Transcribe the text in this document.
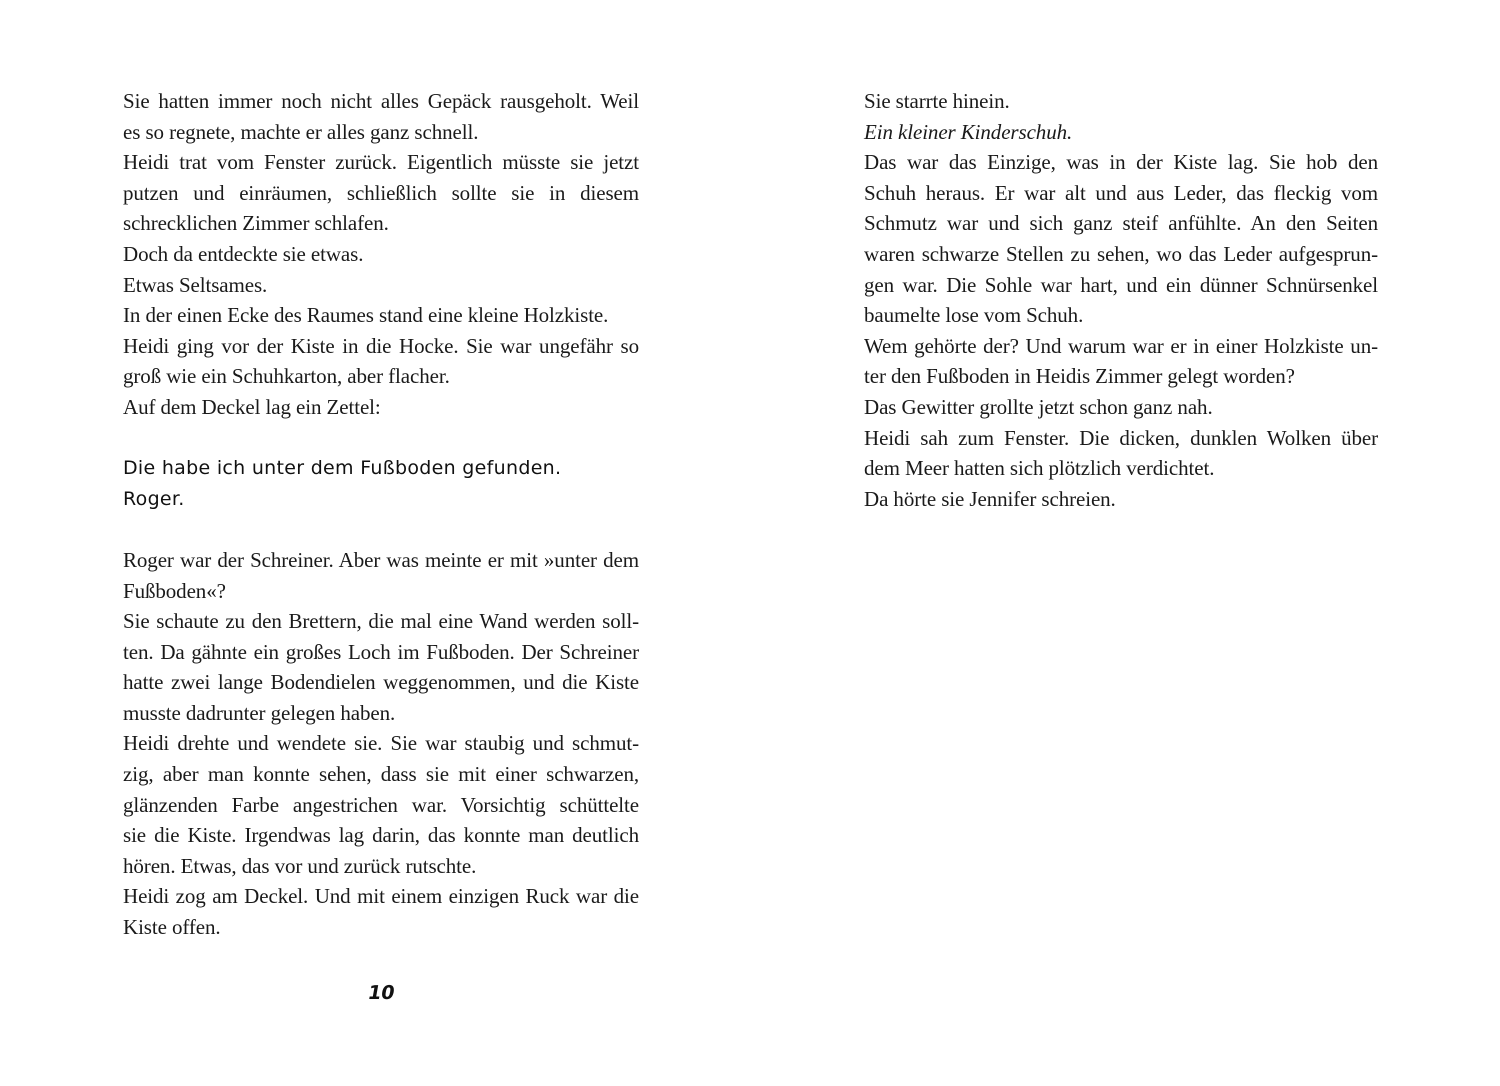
Sie hatten immer noch nicht alles Gepäck rausgeholt. Weil
es so regnete, machte er alles ganz schnell.
Heidi trat vom Fenster zurück. Eigentlich müsste sie jetzt
putzen und einräumen, schließlich sollte sie in diesem
schrecklichen Zimmer schlafen.
Doch da entdeckte sie etwas.
Etwas Seltsames.
In der einen Ecke des Raumes stand eine kleine Holzkiste.
Heidi ging vor der Kiste in die Hocke. Sie war ungefähr so
groß wie ein Schuhkarton, aber flacher.
Auf dem Deckel lag ein Zettel:

Die habe ich unter dem Fußboden gefunden.
Roger.

Roger war der Schreiner. Aber was meinte er mit »unter dem
Fußboden«?
Sie schaute zu den Brettern, die mal eine Wand werden soll-
ten. Da gähnte ein großes Loch im Fußboden. Der Schreiner
hatte zwei lange Bodendielen weggenommen, und die Kiste
musste dadrunter gelegen haben.
Heidi drehte und wendete sie. Sie war staubig und schmut-
zig, aber man konnte sehen, dass sie mit einer schwarzen,
glänzenden Farbe angestrichen war. Vorsichtig schüttelte
sie die Kiste. Irgendwas lag darin, das konnte man deutlich
hören. Etwas, das vor und zurück rutschte.
Heidi zog am Deckel. Und mit einem einzigen Ruck war die
Kiste offen.
Sie starrte hinein.
Ein kleiner Kinderschuh.
Das war das Einzige, was in der Kiste lag. Sie hob den
Schuh heraus. Er war alt und aus Leder, das fleckig vom
Schmutz war und sich ganz steif anfühlte. An den Seiten
waren schwarze Stellen zu sehen, wo das Leder aufgesprun-
gen war. Die Sohle war hart, und ein dünner Schnürsenkel
baumelte lose vom Schuh.
Wem gehörte der? Und warum war er in einer Holzkiste un-
ter den Fußboden in Heidis Zimmer gelegt worden?
Das Gewitter grollte jetzt schon ganz nah.
Heidi sah zum Fenster. Die dicken, dunklen Wolken über
dem Meer hatten sich plötzlich verdichtet.
Da hörte sie Jennifer schreien.
10
